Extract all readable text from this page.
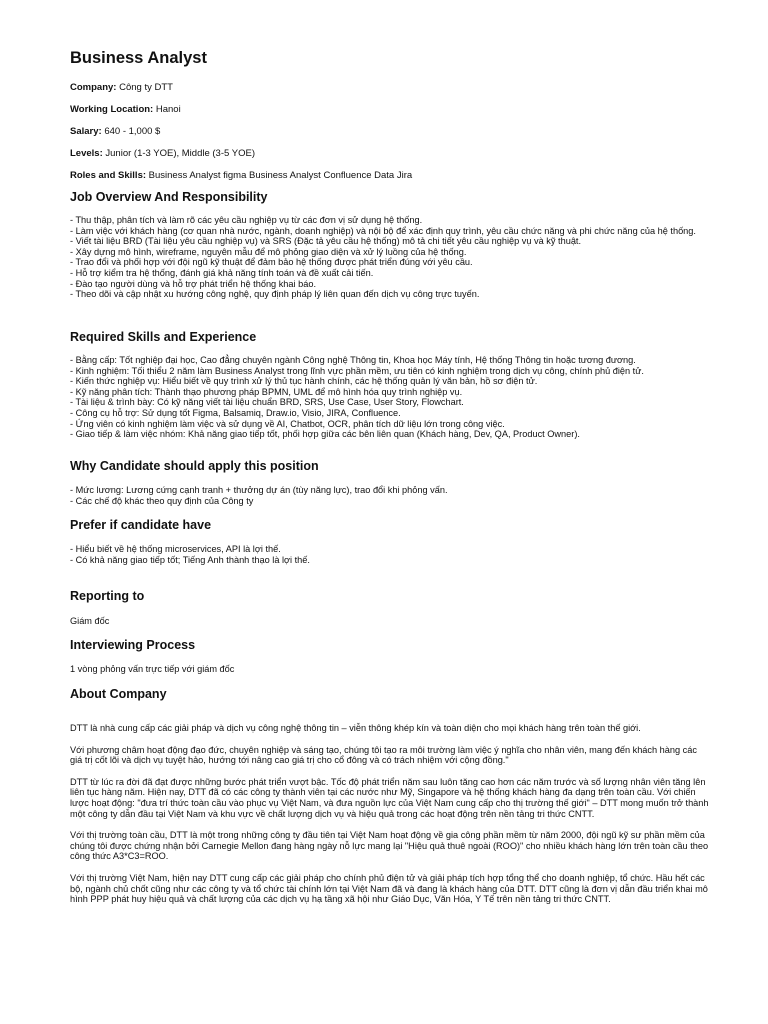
Business Analyst

Company: Công ty DTT

Working Location: Hanoi

Salary: 640 - 1,000 $

Levels: Junior (1-3 YOE), Middle (3-5 YOE)

Roles and Skills: Business Analyst figma Business Analyst Confluence Data Jira

Job Overview And Responsibility
- Thu thập, phân tích và làm rõ các yêu cầu nghiệp vụ từ các đơn vị sử dụng hệ thống.
- Làm việc với khách hàng (cơ quan nhà nước, ngành, doanh nghiệp) và nội bộ để xác định quy trình, yêu cầu chức năng và phi chức năng của hệ thống.
- Viết tài liệu BRD (Tài liệu yêu cầu nghiệp vụ) và SRS (Đặc tả yêu cầu hệ thống) mô tả chi tiết yêu cầu nghiệp vụ và kỹ thuật.
- Xây dựng mô hình, wireframe, nguyên mẫu để mô phỏng giao diện và xử lý luồng của hệ thống.
- Trao đổi và phối hợp với đội ngũ kỹ thuật để đảm bảo hệ thống được phát triển đúng với yêu cầu.
- Hỗ trợ kiểm tra hệ thống, đánh giá khả năng tính toán và đề xuất cải tiến.
- Đào tạo người dùng và hỗ trợ phát triển hệ thống khai báo.
- Theo dõi và cập nhật xu hướng công nghệ, quy định pháp lý liên quan đến dịch vụ công trực tuyến.
Required Skills and Experience
- Bằng cấp: Tốt nghiệp đại học, Cao đẳng chuyên ngành Công nghệ Thông tin, Khoa học Máy tính, Hệ thống Thông tin hoặc tương đương.
- Kinh nghiệm: Tối thiểu 2 năm làm Business Analyst trong lĩnh vực phần mềm, ưu tiên có kinh nghiệm trong dịch vụ công, chính phủ điện tử.
- Kiến thức nghiệp vụ: Hiểu biết về quy trình xử lý thủ tục hành chính, các hệ thống quản lý văn bản, hồ sơ điện tử.
- Kỹ năng phân tích: Thành thạo phương pháp BPMN, UML để mô hình hóa quy trình nghiệp vụ.
- Tài liệu & trình bày: Có kỹ năng viết tài liệu chuẩn BRD, SRS, Use Case, User Story, Flowchart.
- Công cụ hỗ trợ: Sử dụng tốt Figma, Balsamiq, Draw.io, Visio, JIRA, Confluence.
- Ứng viên có kinh nghiệm làm việc và sử dụng về AI, Chatbot, OCR, phân tích dữ liệu lớn trong công việc.
- Giao tiếp & làm việc nhóm: Khả năng giao tiếp tốt, phối hợp giữa các bên liên quan (Khách hàng, Dev, QA, Product Owner).
Why Candidate should apply this position
- Mức lương: Lương cứng cạnh tranh + thưởng dự án (tùy năng lực), trao đổi khi phỏng vấn.
- Các chế độ khác theo quy định của Công ty
Prefer if candidate have
- Hiểu biết về hệ thống microservices, API là lợi thế.
- Có khả năng giao tiếp tốt; Tiếng Anh thành thạo là lợi thế.
Reporting to

Giám đốc

Interviewing Process

1 vòng phỏng vấn trực tiếp với giám đốc

About Company

DTT là nhà cung cấp các giải pháp và dịch vụ công nghệ thông tin – viễn thông khép kín và toàn diện cho mọi khách hàng trên toàn thế giới.

Với phương châm hoạt động đạo đức, chuyên nghiệp và sáng tạo, chúng tôi tạo ra môi trường làm việc ý nghĩa cho nhân viên, mang đến khách hàng các giá trị cốt lõi và dịch vụ tuyệt hảo, hướng tới nâng cao giá trị cho cổ đông và có trách nhiệm với cộng đồng."

DTT từ lúc ra đời đã đạt được những bước phát triển vượt bậc. Tốc độ phát triển năm sau luôn tăng cao hơn các năm trước và số lượng nhân viên tăng lên liên tục hàng năm. Hiện nay, DTT đã có các công ty thành viên tại các nước như Mỹ, Singapore và hệ thống khách hàng đa dạng trên toàn cầu. Với chiến lược hoạt động: "đưa trí thức toàn cầu vào phục vụ Việt Nam, và đưa nguồn lực của Việt Nam cung cấp cho thị trường thế giới" – DTT mong muốn trở thành một công ty dẫn đầu tại Việt Nam và khu vực về chất lượng dịch vụ và hiệu quả trong các hoạt động trên nền tảng tri thức CNTT.

Với thị trường toàn cầu, DTT là một trong những công ty đầu tiên tại Việt Nam hoạt động về gia công phần mềm từ năm 2000, đội ngũ kỹ sư phần mềm của chúng tôi được chứng nhận bởi Carnegie Mellon đang hàng ngày nỗ lực mang lại "Hiệu quả thuê ngoài (ROO)" cho nhiều khách hàng lớn trên toàn cầu theo công thức A3*C3=ROO.

Với thị trường Việt Nam, hiện nay DTT cung cấp các giải pháp cho chính phủ điện tử và giải pháp tích hợp tổng thể cho doanh nghiệp, tổ chức. Hầu hết các bộ, ngành chủ chốt cũng như các công ty và tổ chức tài chính lớn tại Việt Nam đã và đang là khách hàng của DTT. DTT cũng là đơn vị dẫn đầu triển khai mô hình PPP phát huy hiệu quả và chất lượng của các dịch vụ hạ tầng xã hội như Giáo Dục, Văn Hóa, Y Tế trên nền tảng tri thức CNTT.
